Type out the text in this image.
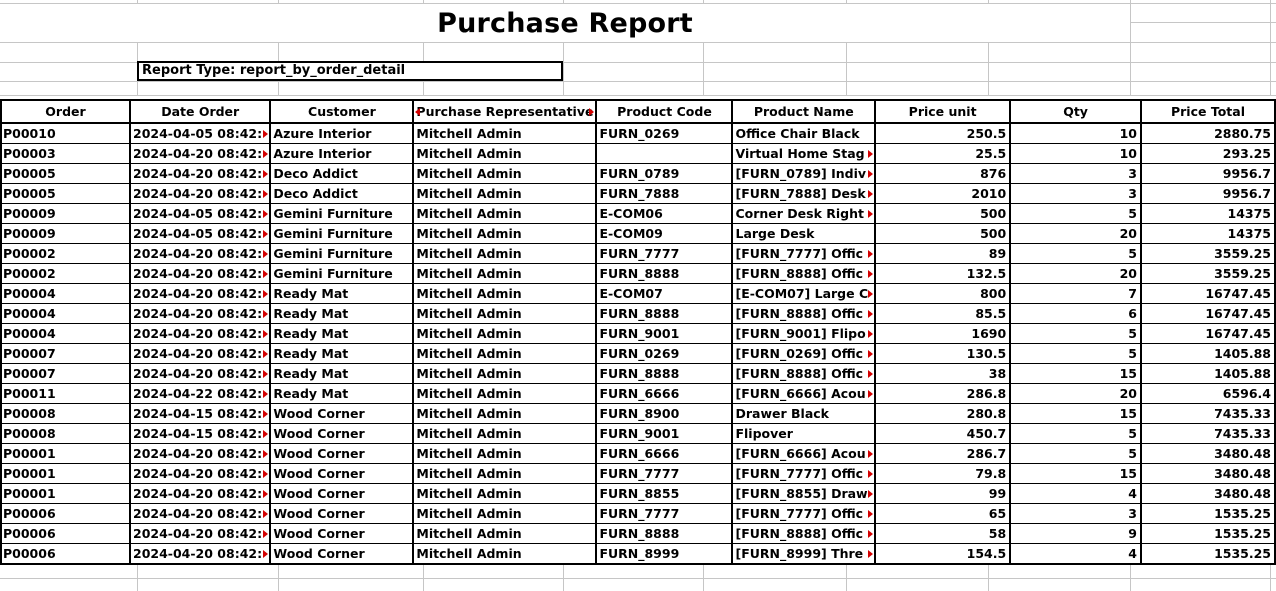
Purchase Report
Report Type: report_by_order_detail
Order	Date Order	Customer	Purchase Representative	Product Code	Product Name	Price unit	Qty	Price Total
P00010	2024-04-05 08:42:	Azure Interior	Mitchell Admin	FURN_0269	Office Chair Black	250.5	10	2880.75
P00003	2024-04-20 08:42:	Azure Interior	Mitchell Admin		Virtual Home Stag	25.5	10	293.25
P00005	2024-04-20 08:42:	Deco Addict	Mitchell Admin	FURN_0789	[FURN_0789] Indiv	876	3	9956.7
P00005	2024-04-20 08:42:	Deco Addict	Mitchell Admin	FURN_7888	[FURN_7888] Desk	2010	3	9956.7
P00009	2024-04-05 08:42:	Gemini Furniture	Mitchell Admin	E-COM06	Corner Desk Right	500	5	14375
P00009	2024-04-05 08:42:	Gemini Furniture	Mitchell Admin	E-COM09	Large Desk	500	20	14375
P00002	2024-04-20 08:42:	Gemini Furniture	Mitchell Admin	FURN_7777	[FURN_7777] Offic	89	5	3559.25
P00002	2024-04-20 08:42:	Gemini Furniture	Mitchell Admin	FURN_8888	[FURN_8888] Offic	132.5	20	3559.25
P00004	2024-04-20 08:42:	Ready Mat	Mitchell Admin	E-COM07	[E-COM07] Large C	800	7	16747.45
P00004	2024-04-20 08:42:	Ready Mat	Mitchell Admin	FURN_8888	[FURN_8888] Offic	85.5	6	16747.45
P00004	2024-04-20 08:42:	Ready Mat	Mitchell Admin	FURN_9001	[FURN_9001] Flipo	1690	5	16747.45
P00007	2024-04-20 08:42:	Ready Mat	Mitchell Admin	FURN_0269	[FURN_0269] Offic	130.5	5	1405.88
P00007	2024-04-20 08:42:	Ready Mat	Mitchell Admin	FURN_8888	[FURN_8888] Offic	38	15	1405.88
P00011	2024-04-22 08:42:	Ready Mat	Mitchell Admin	FURN_6666	[FURN_6666] Acou	286.8	20	6596.4
P00008	2024-04-15 08:42:	Wood Corner	Mitchell Admin	FURN_8900	Drawer Black	280.8	15	7435.33
P00008	2024-04-15 08:42:	Wood Corner	Mitchell Admin	FURN_9001	Flipover	450.7	5	7435.33
P00001	2024-04-20 08:42:	Wood Corner	Mitchell Admin	FURN_6666	[FURN_6666] Acou	286.7	5	3480.48
P00001	2024-04-20 08:42:	Wood Corner	Mitchell Admin	FURN_7777	[FURN_7777] Offic	79.8	15	3480.48
P00001	2024-04-20 08:42:	Wood Corner	Mitchell Admin	FURN_8855	[FURN_8855] Draw	99	4	3480.48
P00006	2024-04-20 08:42:	Wood Corner	Mitchell Admin	FURN_7777	[FURN_7777] Offic	65	3	1535.25
P00006	2024-04-20 08:42:	Wood Corner	Mitchell Admin	FURN_8888	[FURN_8888] Offic	58	9	1535.25
P00006	2024-04-20 08:42:	Wood Corner	Mitchell Admin	FURN_8999	[FURN_8999] Thre	154.5	4	1535.25
